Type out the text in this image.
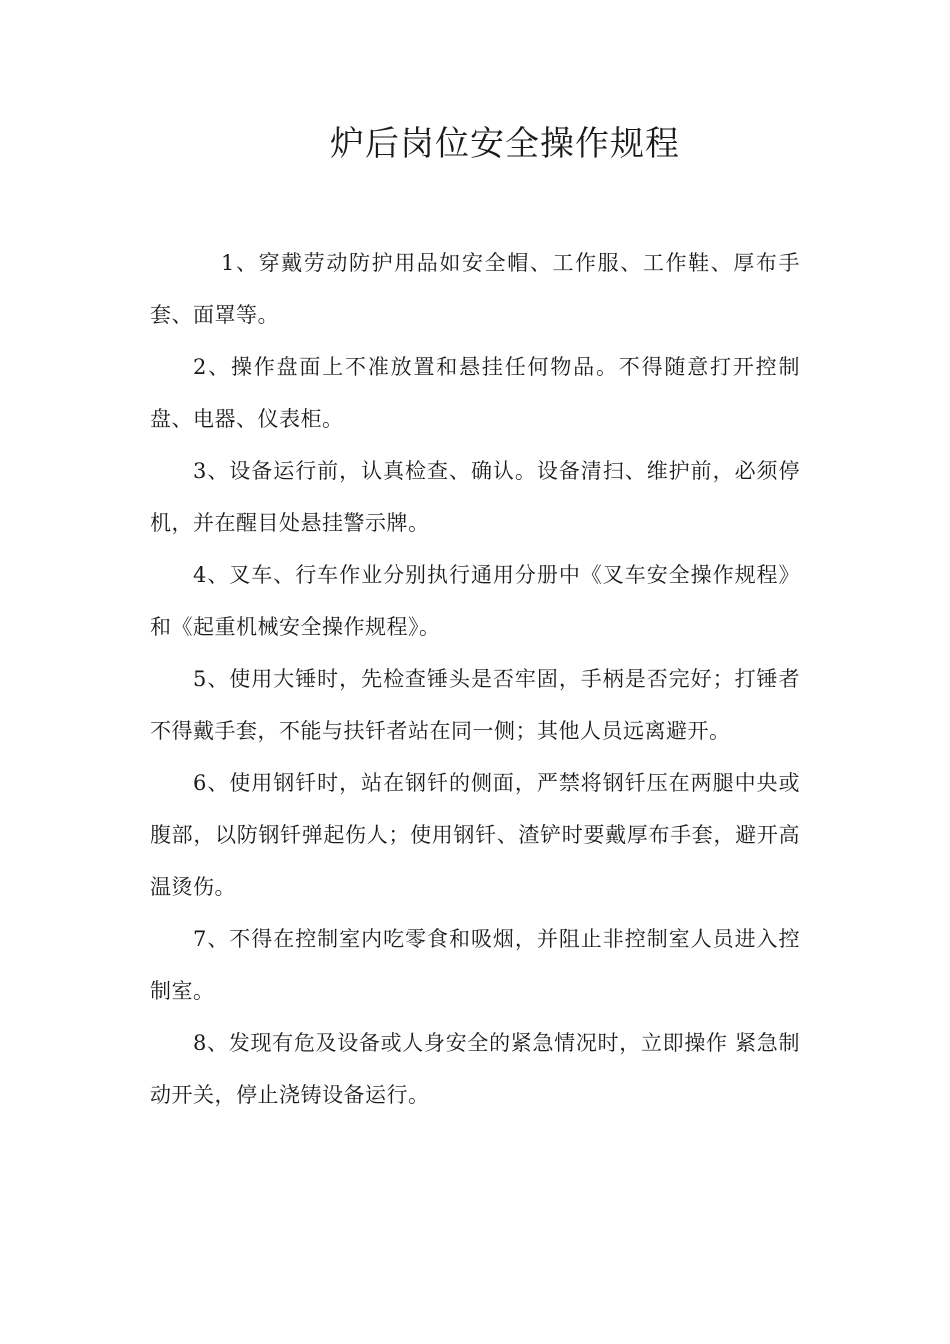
炉后岗位安全操作规程

1、穿戴劳动防护用品如安全帽、工作服、工作鞋、厚布手套、面罩等。

2、操作盘面上不准放置和悬挂任何物品。不得随意打开控制盘、电器、仪表柜。

3、设备运行前，认真检查、确认。设备清扫、维护前，必须停机，并在醒目处悬挂警示牌。

4、叉车、行车作业分别执行通用分册中《叉车安全操作规程》和《起重机械安全操作规程》。

5、使用大锤时，先检查锤头是否牢固，手柄是否完好；打锤者不得戴手套，不能与扶钎者站在同一侧；其他人员远离避开。

6、使用钢钎时，站在钢钎的侧面，严禁将钢钎压在两腿中央或腹部，以防钢钎弹起伤人；使用钢钎、渣铲时要戴厚布手套，避开高温烫伤。

7、不得在控制室内吃零食和吸烟，并阻止非控制室人员进入控制室。

8、发现有危及设备或人身安全的紧急情况时，立即操作 紧急制动开关，停止浇铸设备运行。
